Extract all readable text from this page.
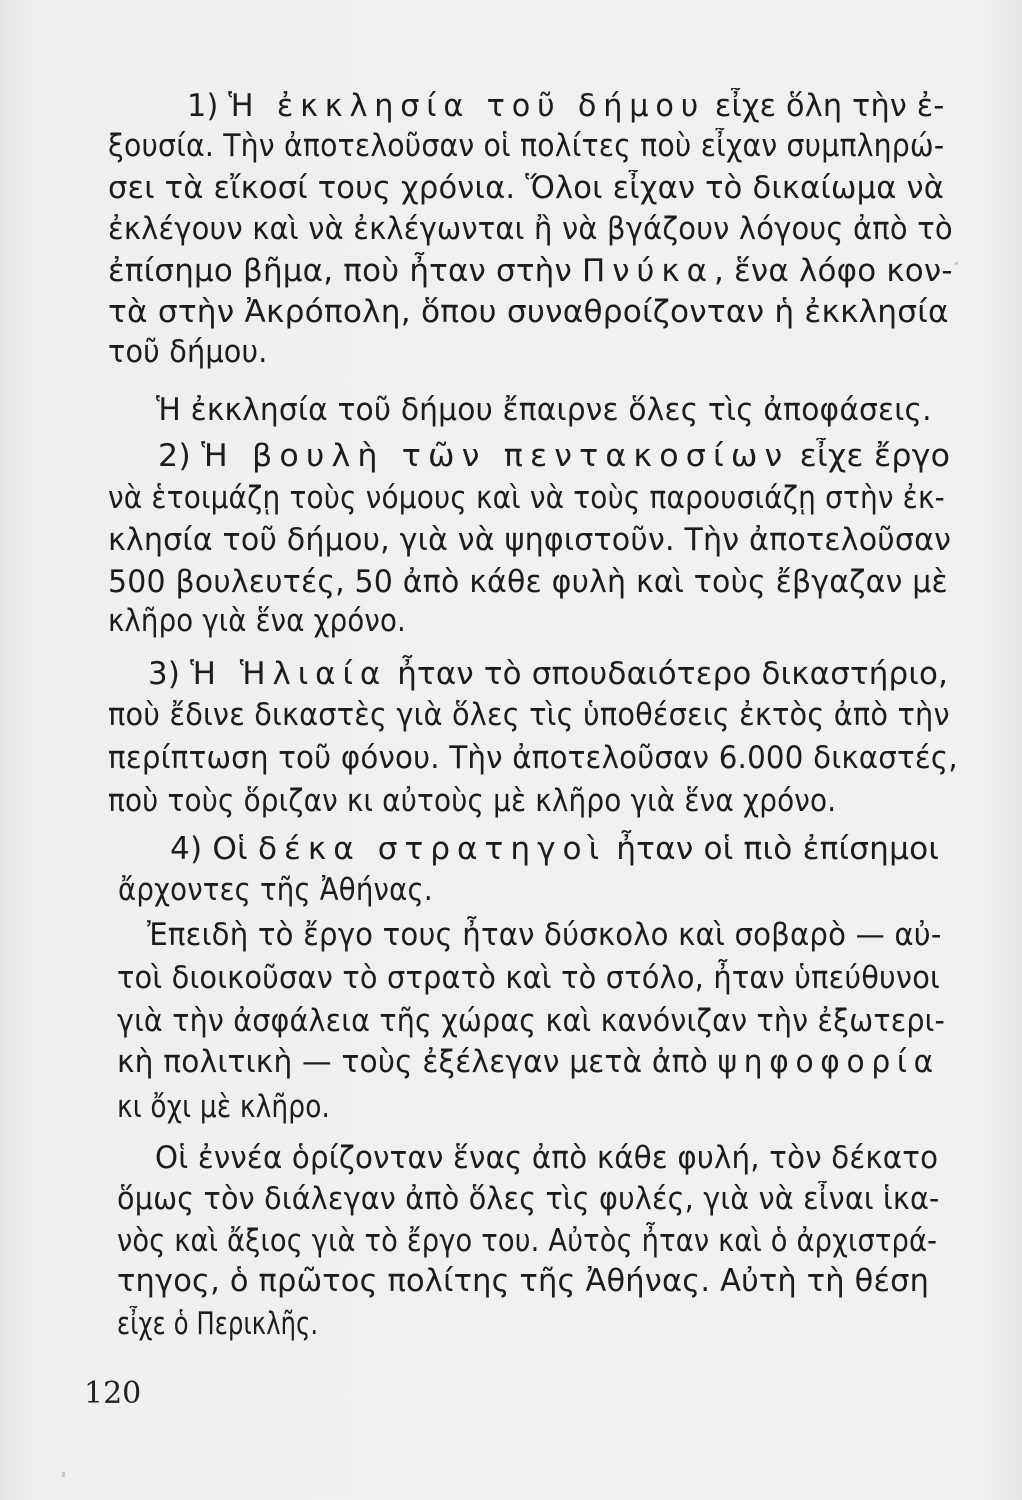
1) Ἡ ἐκκλησία τοῦ δήμου εἶχε ὅλη τὴν ἐ-
ξουσία. Τὴν ἀποτελοῦσαν οἱ πολίτες ποὺ εἶχαν συμπληρώ-
σει τὰ εἴκοσί τους χρόνια. Ὅλοι εἶχαν τὸ δικαίωμα νὰ
ἐκλέγουν καὶ νὰ ἐκλέγωνται ἢ νὰ βγάζουν λόγους ἀπὸ τὸ
ἐπίσημο βῆμα, ποὺ ἦταν στὴν Πνύκα, ἕνα λόφο κον-
τὰ στὴν Ἀκρόπολη, ὅπου συναθροίζονταν ἡ ἐκκλησία
τοῦ δήμου.
Ἡ ἐκκλησία τοῦ δήμου ἔπαιρνε ὅλες τὶς ἀποφάσεις.
2) Ἡ βουλὴ τῶν πεντακοσίων εἶχε ἔργο
νὰ ἑτοιμάζῃ τοὺς νόμους καὶ νὰ τοὺς παρουσιάζῃ στὴν ἐκ-
κλησία τοῦ δήμου, γιὰ νὰ ψηφιστοῦν. Τὴν ἀποτελοῦσαν
500 βουλευτές, 50 ἀπὸ κάθε φυλὴ καὶ τοὺς ἔβγαζαν μὲ
κλῆρο γιὰ ἕνα χρόνο.
3) Ἡ Ἡλιαία ἦταν τὸ σπουδαιότερο δικαστήριο,
ποὺ ἔδινε δικαστὲς γιὰ ὅλες τὶς ὑποθέσεις ἐκτὸς ἀπὸ τὴν
περίπτωση τοῦ φόνου. Τὴν ἀποτελοῦσαν 6.000 δικαστές,
ποὺ τοὺς ὅριζαν κι αὐτοὺς μὲ κλῆρο γιὰ ἕνα χρόνο.
4) Οἱ δέκα στρατηγοὶ ἦταν οἱ πιὸ ἐπίσημοι
ἄρχοντες τῆς Ἀθήνας.
Ἐπειδὴ τὸ ἔργο τους ἦταν δύσκολο καὶ σοβαρὸ — αὐ-
τοὶ διοικοῦσαν τὸ στρατὸ καὶ τὸ στόλο, ἦταν ὑπεύθυνοι
γιὰ τὴν ἀσφάλεια τῆς χώρας καὶ κανόνιζαν τὴν ἐξωτερι-
κὴ πολιτικὴ — τοὺς ἐξέλεγαν μετὰ ἀπὸ ψηφοφορία
κι ὄχι μὲ κλῆρο.
Οἱ ἐννέα ὁρίζονταν ἕνας ἀπὸ κάθε φυλή, τὸν δέκατο
ὅμως τὸν διάλεγαν ἀπὸ ὅλες τὶς φυλές, γιὰ νὰ εἶναι ἱκα-
νὸς καὶ ἄξιος γιὰ τὸ ἔργο του. Αὐτὸς ἦταν καὶ ὁ ἀρχιστρά-
τηγος, ὁ πρῶτος πολίτης τῆς Ἀθήνας. Αὐτὴ τὴ θέση
εἶχε ὁ Περικλῆς.
120
